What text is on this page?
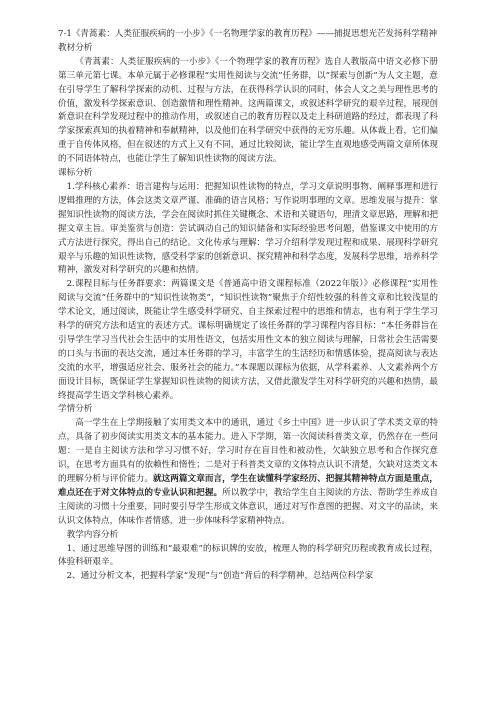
7-1《青蒿素：人类征服疾病的一小步》《一名物理学家的教育历程》——捕捉思想光芒发扬科学精神

教材分析

《青蒿素：人类征服疾病的一小步》《一个物理学家的教育历程》选自人教版高中语文必修下册第三单元第七课。本单元属于必修课程“实用性阅读与交流”任务群，以“探索与创新”为人文主题，意在引导学生了解科学探索的动机、过程与方法，在获得科学认识的同时，体会人文之美与理性思考的价值，激发科学探索意识、创造激情和理性精神。这两篇课文，或叙述科学研究的艰辛过程，展现创新意识在科学发现过程中的推动作用，或叙述自己的教育历程以及走上科研道路的经过，都表现了科学家探索真知的执着精神和奉献精神，以及他们在科学研究中获得的无穷乐趣。从体裁上看，它们偏重于自传体风格，但在叙述的方式上又有不同，通过比较阅读，能让学生直观地感受两篇文章所体现的不同语体特点，也能让学生了解知识性读物的阅读方法。

课标分析

1.学科核心素养：语言建构与运用：把握知识性读物的特点，学习文章说明事物、阐释事理和进行逻辑推理的方法，体会这类文章严谨、准确的语言风格；写作说明事理的文章。思维发展与提升：掌握知识性读物的阅读方法，学会在阅读时抓住关键概念、术语和关键语句，理清文章思路，理解和把握文章主旨。审美鉴赏与创造：尝试调动自己的知识储备和实际经验思考问题，借鉴课文中使用的方式方法进行探究，得出自己的结论。文化传承与理解：学习介绍科学发现过程和成果、展现科学研究艰辛与乐趣的知识性读物，感受科学家的创新意识、探究精神和科学态度，发展科学思维，培养科学精神，激发对科学研究的兴趣和热情。

2.课程目标与任务群要求：两篇课文是《普通高中语文课程标准（2022年版）》必修课程“实用性阅读与交流”任务群中的“知识性读物类”，“知识性读物”聚焦于介绍性较强的科普文章和比较浅显的学术论文，通过阅读，既能让学生感受科学研究、自主探索过程中的思维和情志，也有利于学生学习科学的研究方法和适宜的表述方式。课标明确规定了该任务群的学习课程内容目标：“本任务群旨在引导学生学习当代社会生活中的实用性语文，包括实用性文本的独立阅读与理解，日常社会生活需要的口头与书面的表达交流，通过本任务群的学习，丰富学生的生活经历和情感体验，提高阅读与表达交流的水平，增强适应社会、服务社会的能力。”本课题以课标为依据，从学科素养、人文素养两个方面设计目标，既保证学生掌握知识性读物的阅读方法，又借此激发学生对科学研究的兴趣和热情，最终提高学生语文学科核心素养。

学情分析

高一学生在上学期接触了实用类文本中的通讯，通过《乡土中国》进一步认识了学术类文章的特点，具备了初步阅读实用类文本的基本能力。进入下学期，第一次阅读科普类文章，仍然存在一些问题：一是自主阅读方法和学习习惯不好，学习时存在盲目性和被动性，欠缺独立思考和合作探究意识，在思考方面具有的依赖性和惰性；二是对于科普类文章的文体特点认识不清楚，欠缺对这类文本的理解分析与评价能力。就这两篇文章而言，学生在读懂科学家经历、把握其精神特点方面是重点，难点还在于对文体特点的专业认识和把握。所以教学中，教给学生自主阅读的方法、帮助学生养成自主阅读的习惯十分重要，同时要引导学生形成文体意识，通过对写作意图的把握、对文字的品读，来认识文体特点，体味作者情感，进一步体味科学家精神特点。

教学内容分析

1、通过思维导图的训练和“最艰难”的标识牌的安放，梳理人物的科学研究历程或教育成长过程，体验科研艰辛。

2、通过分析文本，把握科学家“发现”与“创造”背后的科学精神，总结两位科学家
